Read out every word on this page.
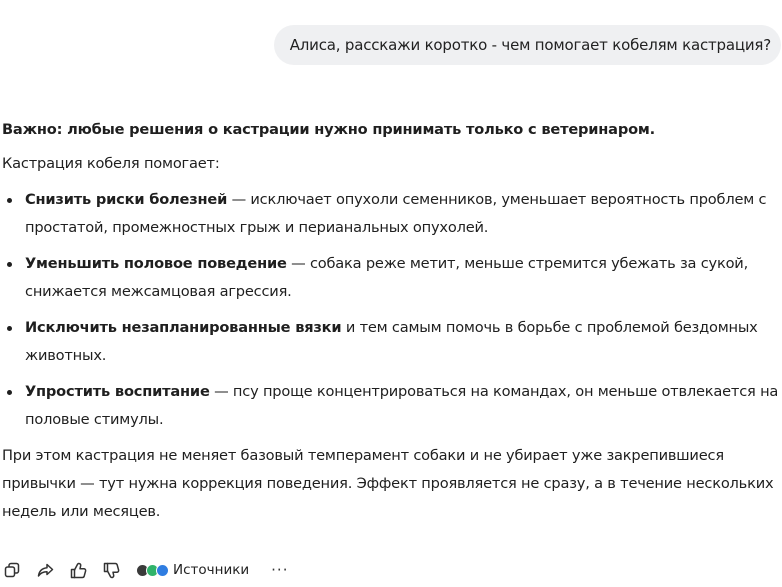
Алиса, расскажи коротко - чем помогает кобелям кастрация?
Важно: любые решения о кастрации нужно принимать только с ветеринаром.
Кастрация кобеля помогает:
Снизить риски болезней — исключает опухоли семенников, уменьшает вероятность проблем с простатой, промежностных грыж и перианальных опухолей.
Уменьшить половое поведение — собака реже метит, меньше стремится убежать за сукой, снижается межсамцовая агрессия.
Исключить незапланированные вязки и тем самым помочь в борьбе с проблемой бездомных животных.
Упростить воспитание — псу проще концентрироваться на командах, он меньше отвлекается на половые стимулы.
При этом кастрация не меняет базовый темперамент собаки и не убирает уже закрепившиеся привычки — тут нужна коррекция поведения. Эффект проявляется не сразу, а в течение нескольких недель или месяцев.
Источники ···
